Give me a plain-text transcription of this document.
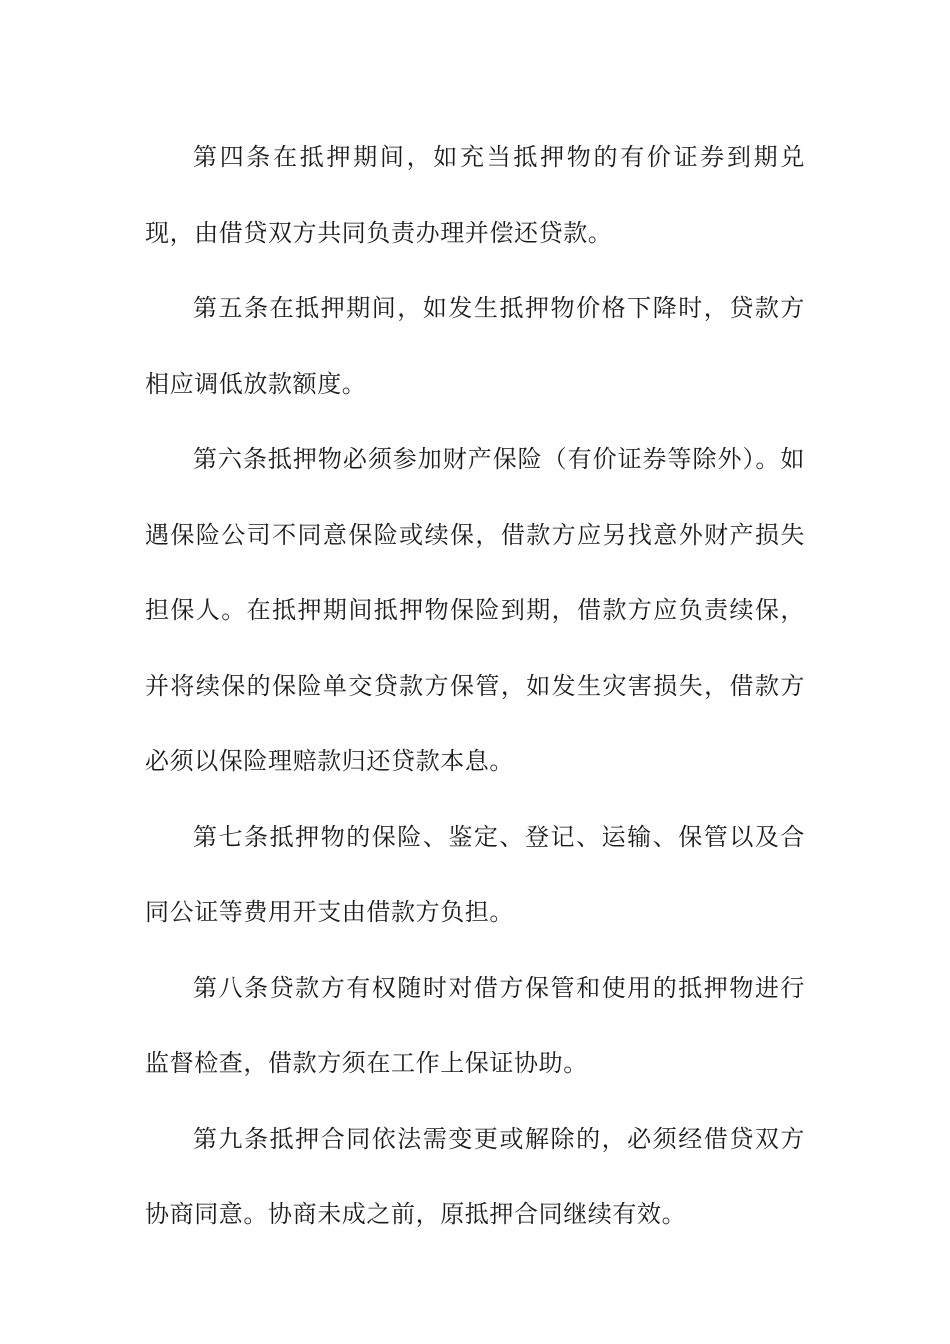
第四条在抵押期间，如充当抵押物的有价证券到期兑现，由借贷双方共同负责办理并偿还贷款。

第五条在抵押期间，如发生抵押物价格下降时，贷款方相应调低放款额度。

第六条抵押物必须参加财产保险（有价证券等除外）。如遇保险公司不同意保险或续保，借款方应另找意外财产损失担保人。在抵押期间抵押物保险到期，借款方应负责续保，并将续保的保险单交贷款方保管，如发生灾害损失，借款方必须以保险理赔款归还贷款本息。

第七条抵押物的保险、鉴定、登记、运输、保管以及合同公证等费用开支由借款方负担。

第八条贷款方有权随时对借方保管和使用的抵押物进行监督检查，借款方须在工作上保证协助。

第九条抵押合同依法需变更或解除的，必须经借贷双方协商同意。协商未成之前，原抵押合同继续有效。
